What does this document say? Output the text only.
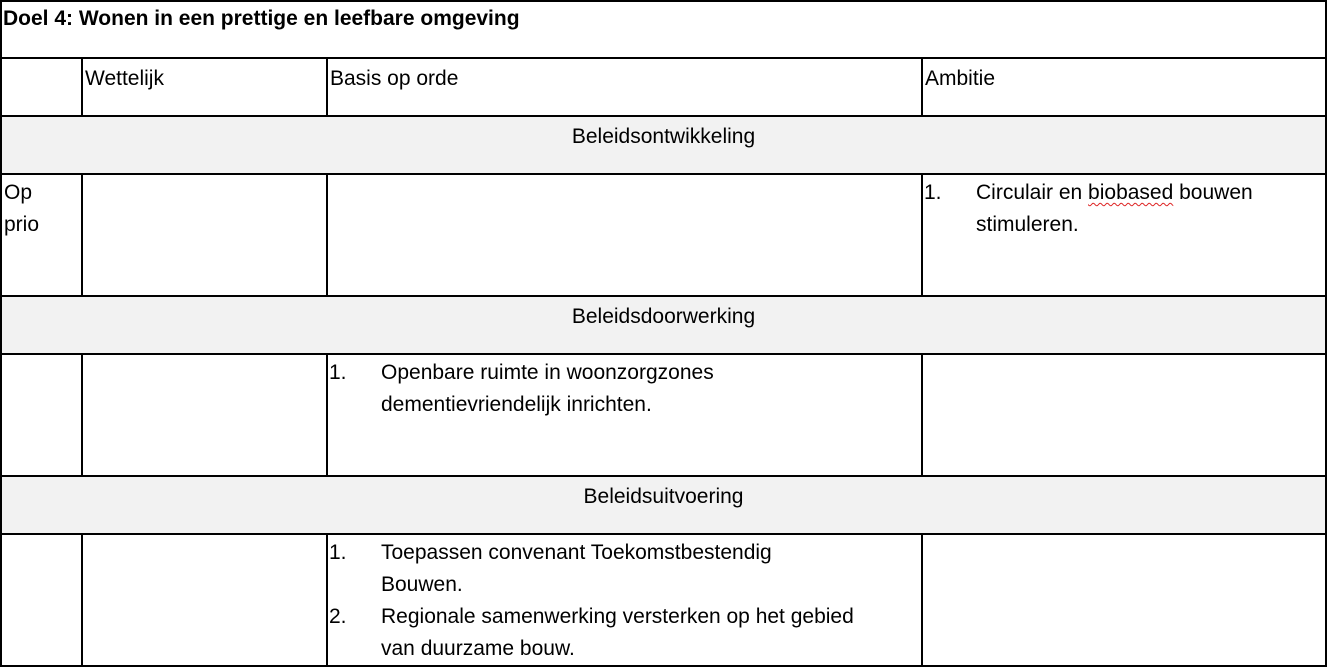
Doel 4: Wonen in een prettige en leefbare omgeving
Wettelijk	Basis op orde	Ambitie
Beleidsontwikkeling
Op prio
1. Circulair en biobased bouwen stimuleren.
Beleidsdoorwerking
1. Openbare ruimte in woonzorgzones dementievriendelijk inrichten.
Beleidsuitvoering
1. Toepassen convenant Toekomstbestendig Bouwen.
2. Regionale samenwerking versterken op het gebied van duurzame bouw.
